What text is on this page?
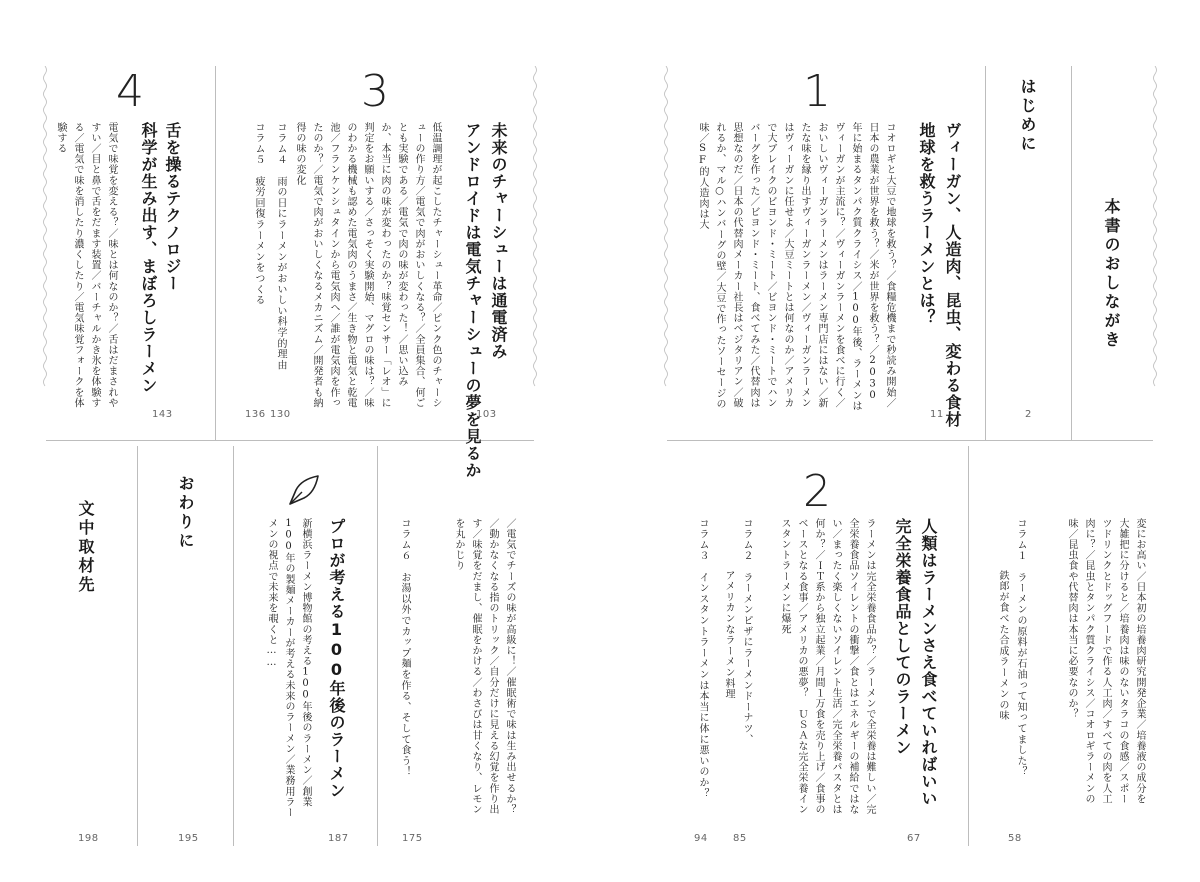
4
舌を操るテクノロジー
科学が生み出す、まぼろしラーメン
電気で味覚を変える？／味とは何なのか？／舌はだまされやすい／目と鼻で舌をだます装置／バーチャルかき氷を体験する／電気で味を消したり濃くしたり／電気味覚フォークを体験する
143
3
未来のチャーシューは通電済み
アンドロイドは電気チャーシューの夢を見るか
低温調理が起こしたチャーシュー革命／ピンク色のチャーシューの作り方／電気で肉がおいしくなる？／全員集合、何ごとも実験である／電気で肉の味が変わった！／思い込み か、本当に肉の味が変わったのか？味覚センサー「レオ」に判定をお願いする／さっそく実験開始、マグロの味は？／味のわかる機械も認めた電気肉のうまさ／生き物と電気と乾電池／フランケンシュタインから電気肉へ／誰が電気肉を作ったのか？／電気で肉がおいしくなるメカニズム／開発者も納得の味の変化
コラム４　雨の日にラーメンがおいしい科学的理由
コラム５　疲労回復ラーメンをつくる
103
130
136
文中取材先
198
おわりに
195
プロが考える100年後のラーメン
新横浜ラーメン博物館の考える100年後のラーメン／創業100年の製麺メーカーが考える未来のラーメン／業務用ラーメンの視点で未来を覗くと……
187
／電気でチーズの味が高級に！／催眠術で味は生み出せるか？／動かなくなる指のトリック／自分だけに見える幻覚を作り出す／味覚をだまし、催眠をかける／わさびは甘くなり、レモンを丸かじり
コラム６　お湯以外でカップ麺を作る、そして食う！
175
本書のおしながき
はじめに
2
1
ヴィーガン、人造肉、昆虫、変わる食材
地球を救うラーメンとは？
コオロギと大豆で地球を救う？／食糧危機まで秒読み開始／日本の農業が世界を救う？／米が世界を救う？／2030年に始まるタンパク質クライシス／100年後、ラーメンはヴィーガンが主流に？／ヴィーガンラーメンを食べに行く／おいしいヴィーガンラーメンはラーメン専門店にはない／新たな味を縁り出すヴィーガンラーメン／ヴィーガンラーメンはヴィーガンに任せよ／大豆ミートとは何なのか／アメリカで大ブレイクのビヨンド・ミート／ビヨンド・ミートでハンバーグを作った／ビヨンド・ミート、食べてみた／代替肉は思想なのだ／日本の代替肉メーカー社長はベジタリアン／破れるか、マル○ハンバーグの壁／大豆で作ったソーセージの味／SF的人造肉は大
11
変にお高い／日本初の培養肉研究開発企業／培養液の成分を大雑把に分けると／培養肉は味のないタラコの食感／スポーツドリンクとドッグフードで作る人工肉／すべての肉を人工肉に？／昆虫とタンパク質クライシス／コオロギラーメンの味／昆虫食や代替肉は本当に必要なのか？
コラム１　ラーメンの原料が石油って知ってました？
鉄郎が食べた合成ラーメンの味
58
2
人類はラーメンさえ食べていればいい
完全栄養食品としてのラーメン
ラーメンは完全栄養食品か？／ラーメンで全栄養は難しい／完全栄養食品ソイレントの衝撃／食とはエネルギーの補給ではない／まったく楽しくないソイレント生活／完全栄養パスタとは何か？／ＩＴ系から独立起業／月間１万食を売り上げ／食事のベースとなる食事／アメリカの悪夢？　ＵＳＡな完全栄養インスタントラーメンに爆死
コラム２　ラーメンピザにラーメンドーナツ、
アメリカンなラーメン料理
コラム３　インスタントラーメンは本当に体に悪いのか？
67
85
94
